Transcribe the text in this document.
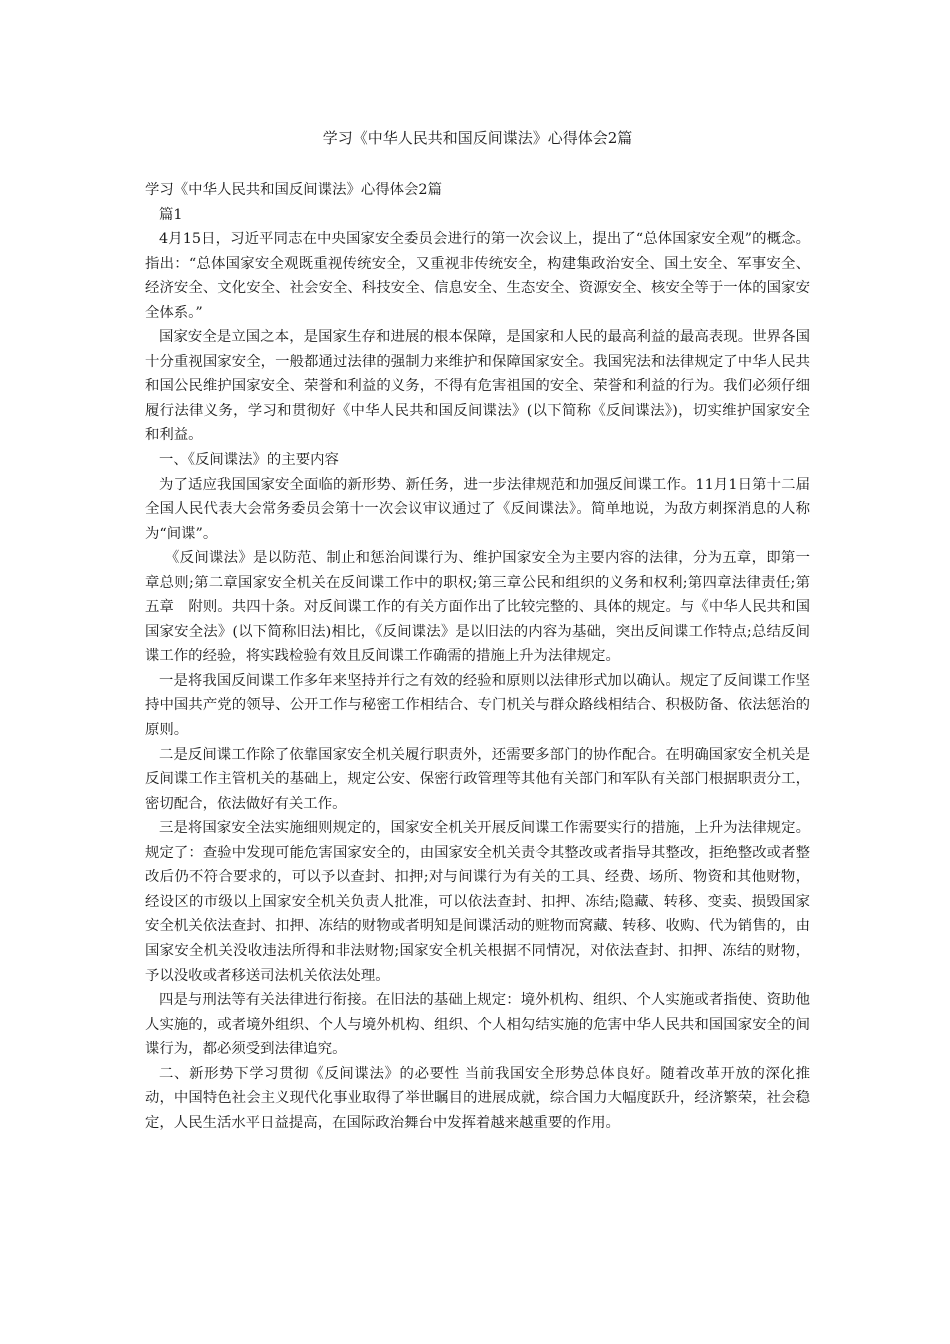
学习《中华人民共和国反间谍法》心得体会2篇

学习《中华人民共和国反间谍法》心得体会2篇

篇1

4月15日，习近平同志在中央国家安全委员会进行的第一次会议上，提出了“总体国家安全观”的概念。指出：“总体国家安全观既重视传统安全，又重视非传统安全，构建集政治安全、国土安全、军事安全、经济安全、文化安全、社会安全、科技安全、信息安全、生态安全、资源安全、核安全等于一体的国家安全体系。”

国家安全是立国之本，是国家生存和进展的根本保障，是国家和人民的最高利益的最高表现。世界各国十分重视国家安全，一般都通过法律的强制力来维护和保障国家安全。我国宪法和法律规定了中华人民共和国公民维护国家安全、荣誉和利益的义务，不得有危害祖国的安全、荣誉和利益的行为。我们必须仔细履行法律义务，学习和贯彻好《中华人民共和国反间谍法》(以下简称《反间谍法》)，切实维护国家安全和利益。

一、《反间谍法》的主要内容

为了适应我国国家安全面临的新形势、新任务，进一步法律规范和加强反间谍工作。11月1日第十二届全国人民代表大会常务委员会第十一次会议审议通过了《反间谍法》。简单地说，为敌方刺探消息的人称为“间谍”。

《反间谍法》是以防范、制止和惩治间谍行为、维护国家安全为主要内容的法律，分为五章，即第一章总则;第二章国家安全机关在反间谍工作中的职权;第三章公民和组织的义务和权利;第四章法律责任;第五章　附则。共四十条。对反间谍工作的有关方面作出了比较完整的、具体的规定。与《中华人民共和国国家安全法》(以下简称旧法)相比，《反间谍法》是以旧法的内容为基础，突出反间谍工作特点;总结反间谍工作的经验，将实践检验有效且反间谍工作确需的措施上升为法律规定。

一是将我国反间谍工作多年来坚持并行之有效的经验和原则以法律形式加以确认。规定了反间谍工作坚持中国共产党的领导、公开工作与秘密工作相结合、专门机关与群众路线相结合、积极防备、依法惩治的原则。

二是反间谍工作除了依靠国家安全机关履行职责外，还需要多部门的协作配合。在明确国家安全机关是反间谍工作主管机关的基础上，规定公安、保密行政管理等其他有关部门和军队有关部门根据职责分工，密切配合，依法做好有关工作。

三是将国家安全法实施细则规定的，国家安全机关开展反间谍工作需要实行的措施，上升为法律规定。规定了：查验中发现可能危害国家安全的，由国家安全机关责令其整改或者指导其整改，拒绝整改或者整改后仍不符合要求的，可以予以查封、扣押;对与间谍行为有关的工具、经费、场所、物资和其他财物，经设区的市级以上国家安全机关负责人批准，可以依法查封、扣押、冻结;隐藏、转移、变卖、损毁国家安全机关依法查封、扣押、冻结的财物或者明知是间谍活动的赃物而窝藏、转移、收购、代为销售的，由国家安全机关没收违法所得和非法财物;国家安全机关根据不同情况，对依法查封、扣押、冻结的财物，予以没收或者移送司法机关依法处理。

四是与刑法等有关法律进行衔接。在旧法的基础上规定：境外机构、组织、个人实施或者指使、资助他人实施的，或者境外组织、个人与境外机构、组织、个人相勾结实施的危害中华人民共和国国家安全的间谍行为，都必须受到法律追究。

二、新形势下学习贯彻《反间谍法》的必要性 当前我国安全形势总体良好。随着改革开放的深化推动，中国特色社会主义现代化事业取得了举世瞩目的进展成就，综合国力大幅度跃升，经济繁荣，社会稳定，人民生活水平日益提高，在国际政治舞台中发挥着越来越重要的作用。
